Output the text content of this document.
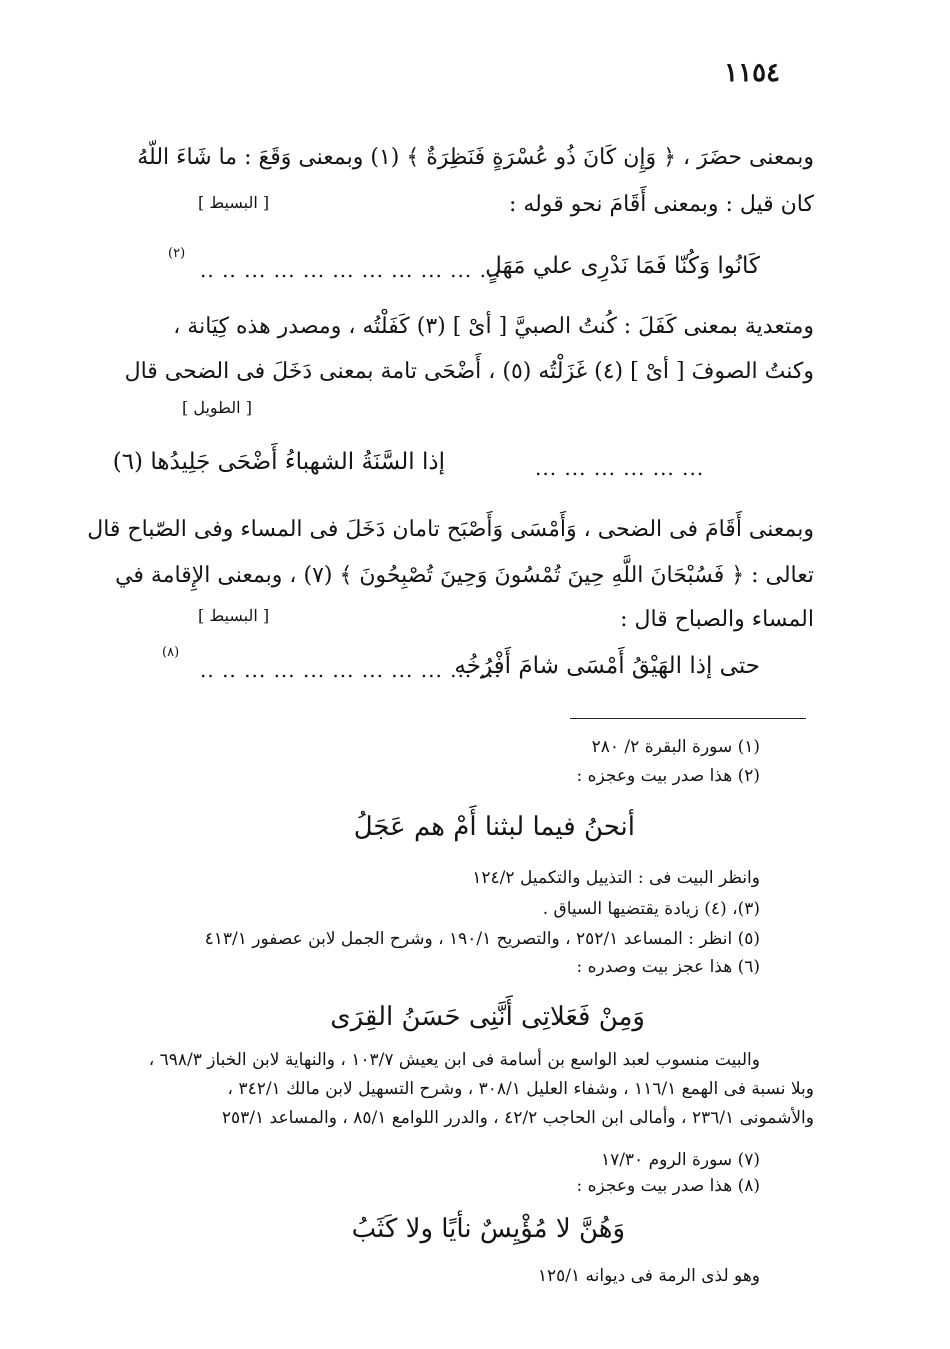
١١٥٤
وبمعنى حضَرَ ، ﴿ وَإِن كَانَ ذُو عُسْرَةٍ فَنَظِرَةٌ ﴾ (١) وبمعنى وَقَعَ : ما شَاءَ اللّهُ
كان قيل : وبمعنى أَقَامَ نحو قوله :
[ البسيط ]
كَانُوا وَكُنّا فَمَا نَدْرِى علي مَهَلٍ
.. .. ... ... ... ... ... ... ... ... ...
(٢)
ومتعدية بمعنى كَفَلَ : كُنتُ الصبيَّ [ أىْ ] (٣) كَفَلْتُه ، ومصدر هذه كِيَانة ،
وكنتُ الصوفَ [ أىْ ] (٤) غَزَلْتُه (٥) ، أَضْحَى تامة بمعنى دَخَلَ فى الضحى قال
[ الطويل ]
إذا السَّنَةُ الشهباءُ أَضْحَى جَلِيدُها (٦)	... ... ... ... ... ...
وبمعنى أَقَامَ فى الضحى ، وَأَمْسَى وَأَصْبَح تامان دَخَلَ فى المساء وفى الصّباح قال
تعالى : ﴿ فَسُبْحَانَ اللَّهِ حِينَ تُمْسُونَ وَحِينَ تُصْبِحُونَ ﴾ (٧) ، وبمعنى الإِقامة في
المساء والصباح قال :
[ البسيط ]
حتى إذا الهَيْقُ أَمْسَى شامَ أَفْرُخُه
.. .. ... ... ... ... ... ... ... ... ...
(٨)
(١) سورة البقرة ٢/ ٢٨٠
(٢) هذا صدر بيت وعجزه :
أنحنُ فيما لبثنا أَمْ هم عَجَلُ
وانظر البيت فى : التذييل والتكميل ١٢٤/٢
(٣)، (٤) زيادة يقتضيها السياق .
(٥) انظر : المساعد ٢٥٢/١ ، والتصريح ١٩٠/١ ، وشرح الجمل لابن عصفور ٤١٣/١
(٦) هذا عجز بيت وصدره :
وَمِنْ فَعَلاتِى أَنَّنِى حَسَنُ القِرَى
والبيت منسوب لعبد الواسع بن أسامة فى ابن يعيش ١٠٣/٧ ، والنهاية لابن الخباز ٦٩٨/٣ ،
وبلا نسبة فى الهمع ١١٦/١ ، وشفاء العليل ٣٠٨/١ ، وشرح التسهيل لابن مالك ٣٤٢/١ ،
والأشمونى ٢٣٦/١ ، وأمالى ابن الحاجب ٤٢/٢ ، والدرر اللوامع ٨٥/١ ، والمساعد ٢٥٣/١
(٧) سورة الروم ١٧/٣٠
(٨) هذا صدر بيت وعجزه :
وَهُنَّ لا مُؤْيِسٌ نأيًا ولا كَثَبُ
وهو لذى الرمة فى ديوانه ١٢٥/١
